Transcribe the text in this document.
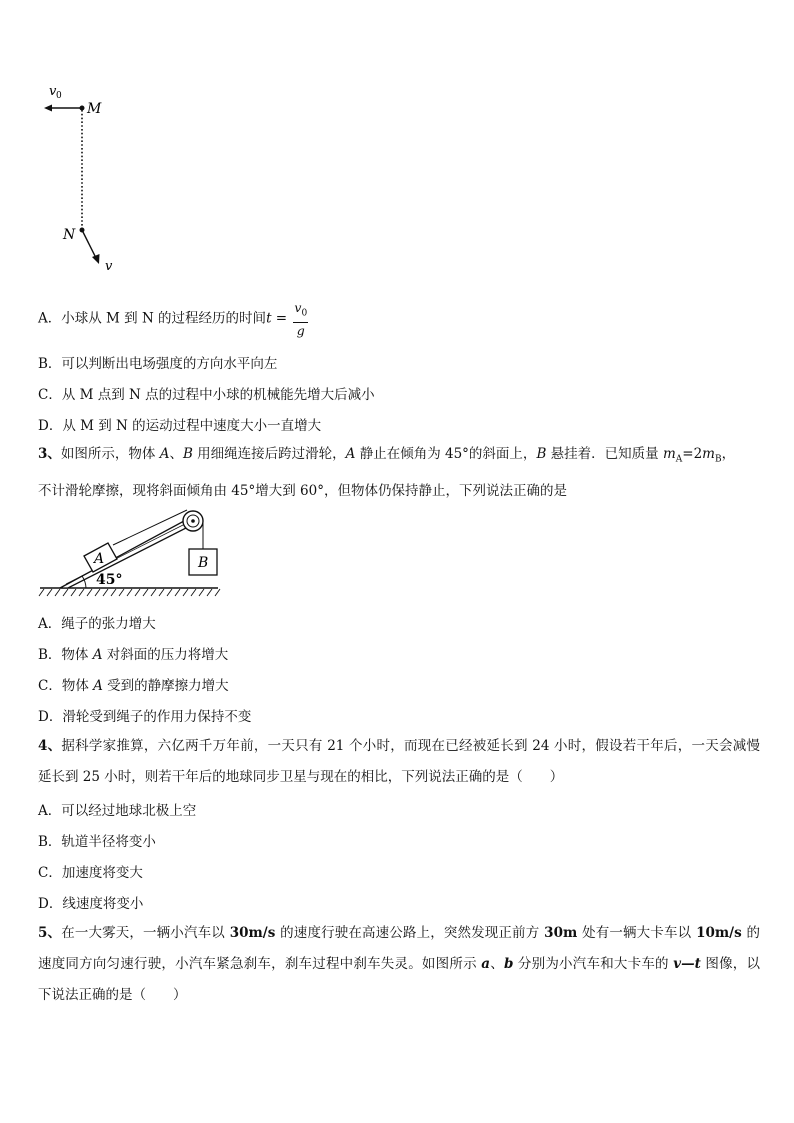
v 0
M
N
v
A．小球从 M 到 N 的过程经历的时间$t = \frac{v_0}{g}$
B．可以判断出电场强度的方向水平向左
C．从 M 点到 N 点的过程中小球的机械能先增大后减小
D．从 M 到 N 的运动过程中速度大小一直增大
3、如图所示，物体 A、B 用细绳连接后跨过滑轮，A 静止在倾角为 45°的斜面上，B 悬挂着．已知质量 $m_A=2m_B$，
不计滑轮摩擦，现将斜面倾角由 45°增大到 60°，但物体仍保持静止，下列说法正确的是
A	B
45°
A．绳子的张力增大
B．物体 A 对斜面的压力将增大
C．物体 A 受到的静摩擦力增大
D．滑轮受到绳子的作用力保持不变
4、据科学家推算，六亿两千万年前，一天只有 21 个小时，而现在已经被延长到 24 小时，假设若干年后，一天会减慢延长到 25 小时，则若干年后的地球同步卫星与现在的相比，下列说法正确的是（　　）
A．可以经过地球北极上空
B．轨道半径将变小
C．加速度将变大
D．线速度将变小
5、在一大雾天，一辆小汽车以 30m/s 的速度行驶在高速公路上，突然发现正前方 30m 处有一辆大卡车以 10m/s 的速度同方向匀速行驶，小汽车紧急刹车，刹车过程中刹车失灵。如图所示 a、b 分别为小汽车和大卡车的 v—t 图像，以下说法正确的是（　　）
